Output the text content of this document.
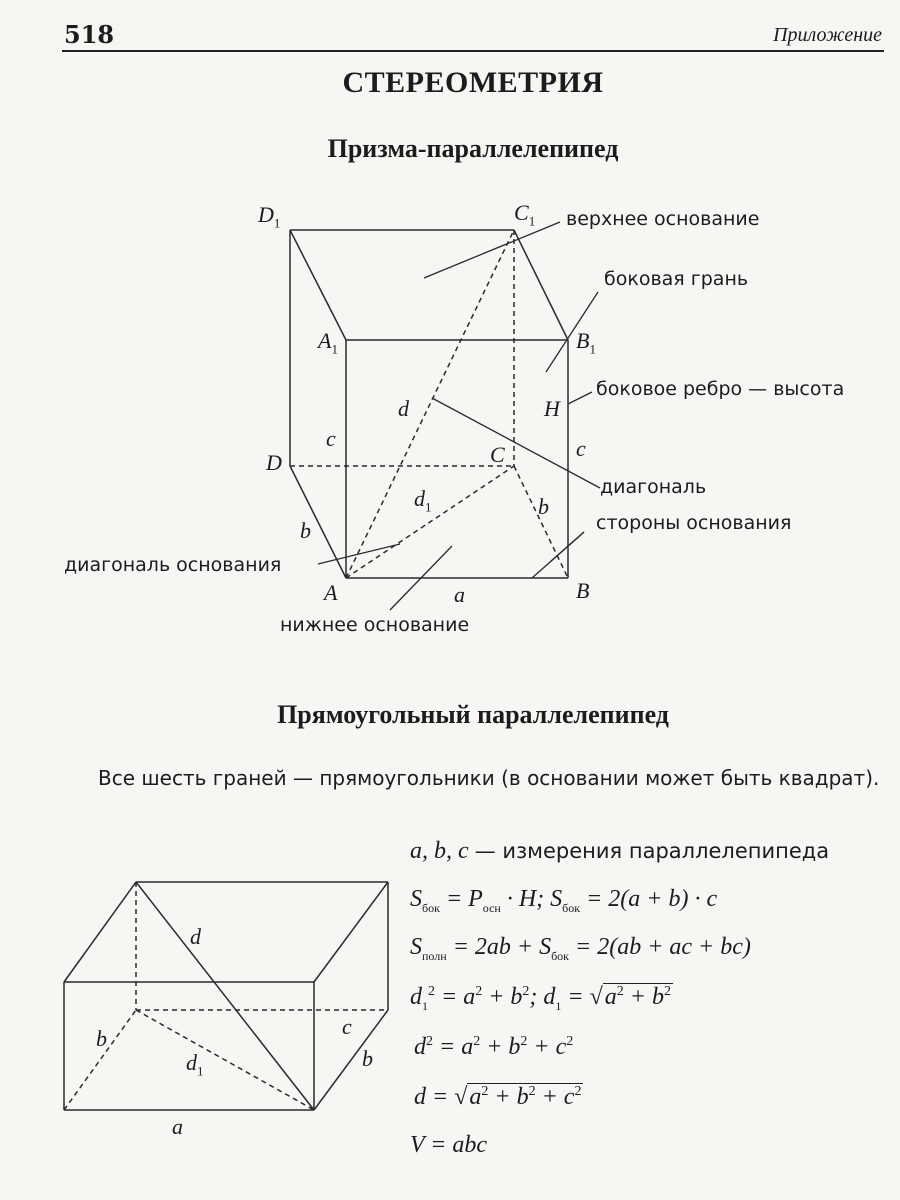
518	Приложение
СТЕРЕОМЕТРИЯ
Призма-параллелепипед
верхнее основание
боковая грань
боковое ребро — высота
диагональ
стороны основания
диагональ основания
нижнее основание
$D_1$	$C_1$
$A_1$	$B_1$
D	C
A	B
d
$d_1$
c	c
H
b
b
a
Прямоугольный параллелепипед
Все шесть граней — прямоугольники (в основании может быть квадрат).
d
$d_1$
c
b
b
a
a, b, c — измерения параллелепипеда
$S_{бок} = P_{осн} \cdot H$; $S_{бок} = 2(a + b) \cdot c$
$S_{полн} = 2ab + S_{бок} = 2(ab$ + ac + bc)
$d_1^2 = a^2 + b^2$; $d_1 = √a^2 + b^2$
$d^2 = a^2 + b^2 + c^2$
$d = √a^2 + b^2 + c^2$
V = abc
